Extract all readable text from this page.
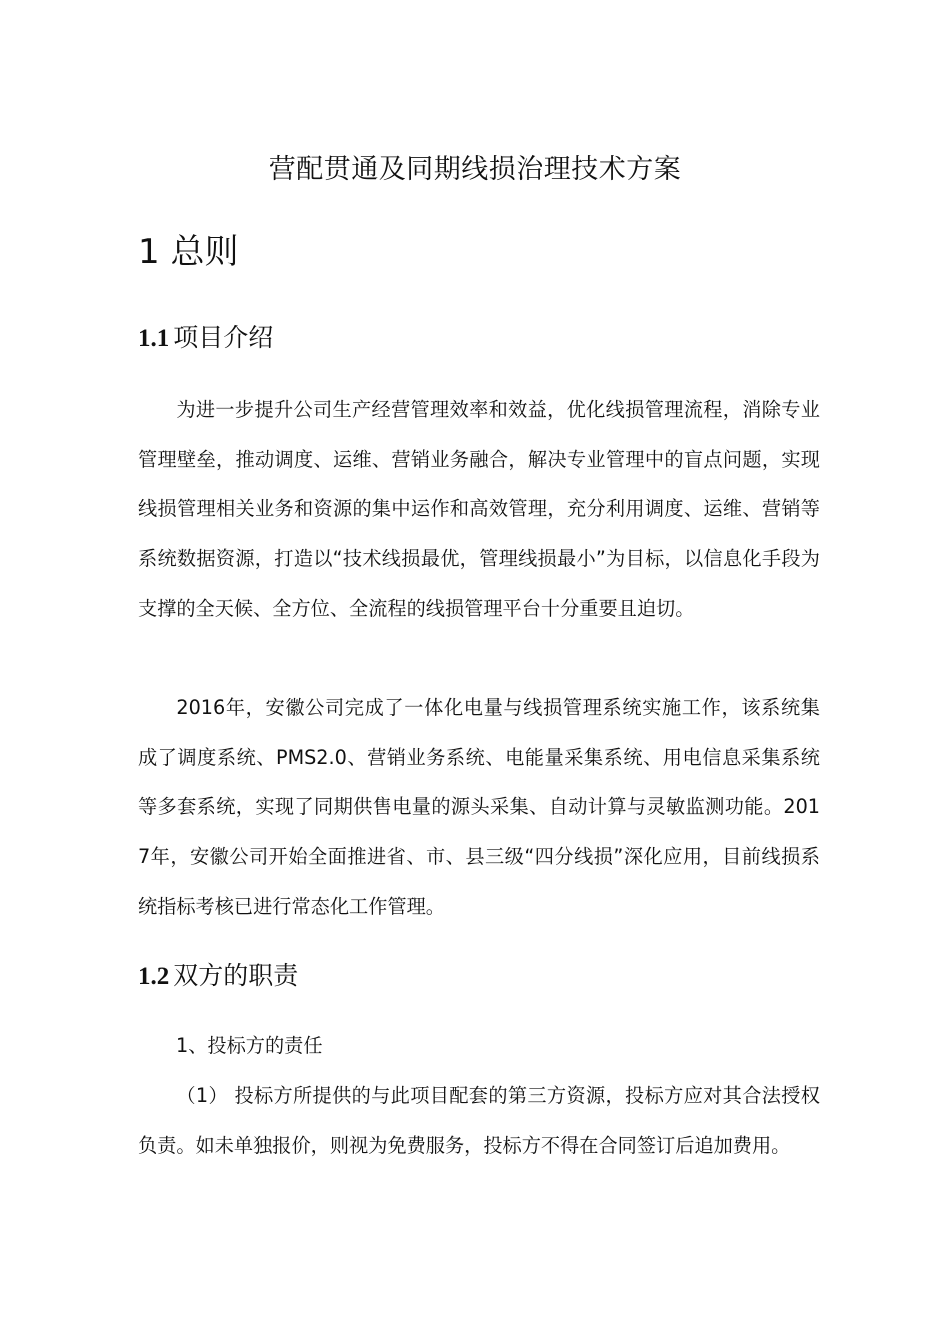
营配贯通及同期线损治理技术方案
1 总则
1.1 项目介绍

为进一步提升公司生产经营管理效率和效益，优化线损管理流程，消除专业管理壁垒，推动调度、运维、营销业务融合，解决专业管理中的盲点问题，实现线损管理相关业务和资源的集中运作和高效管理，充分利用调度、运维、营销等系统数据资源，打造以“技术线损最优，管理线损最小”为目标，以信息化手段为支撑的全天候、全方位、全流程的线损管理平台十分重要且迫切。

2016年，安徽公司完成了一体化电量与线损管理系统实施工作，该系统集成了调度系统、PMS2.0、营销业务系统、电能量采集系统、用电信息采集系统等多套系统，实现了同期供售电量的源头采集、自动计算与灵敏监测功能。2017年，安徽公司开始全面推进省、市、县三级“四分线损”深化应用，目前线损系统指标考核已进行常态化工作管理。

1.2 双方的职责
1、投标方的责任

（1） 投标方所提供的与此项目配套的第三方资源，投标方应对其合法授权负责。如未单独报价，则视为免费服务，投标方不得在合同签订后追加费用。
